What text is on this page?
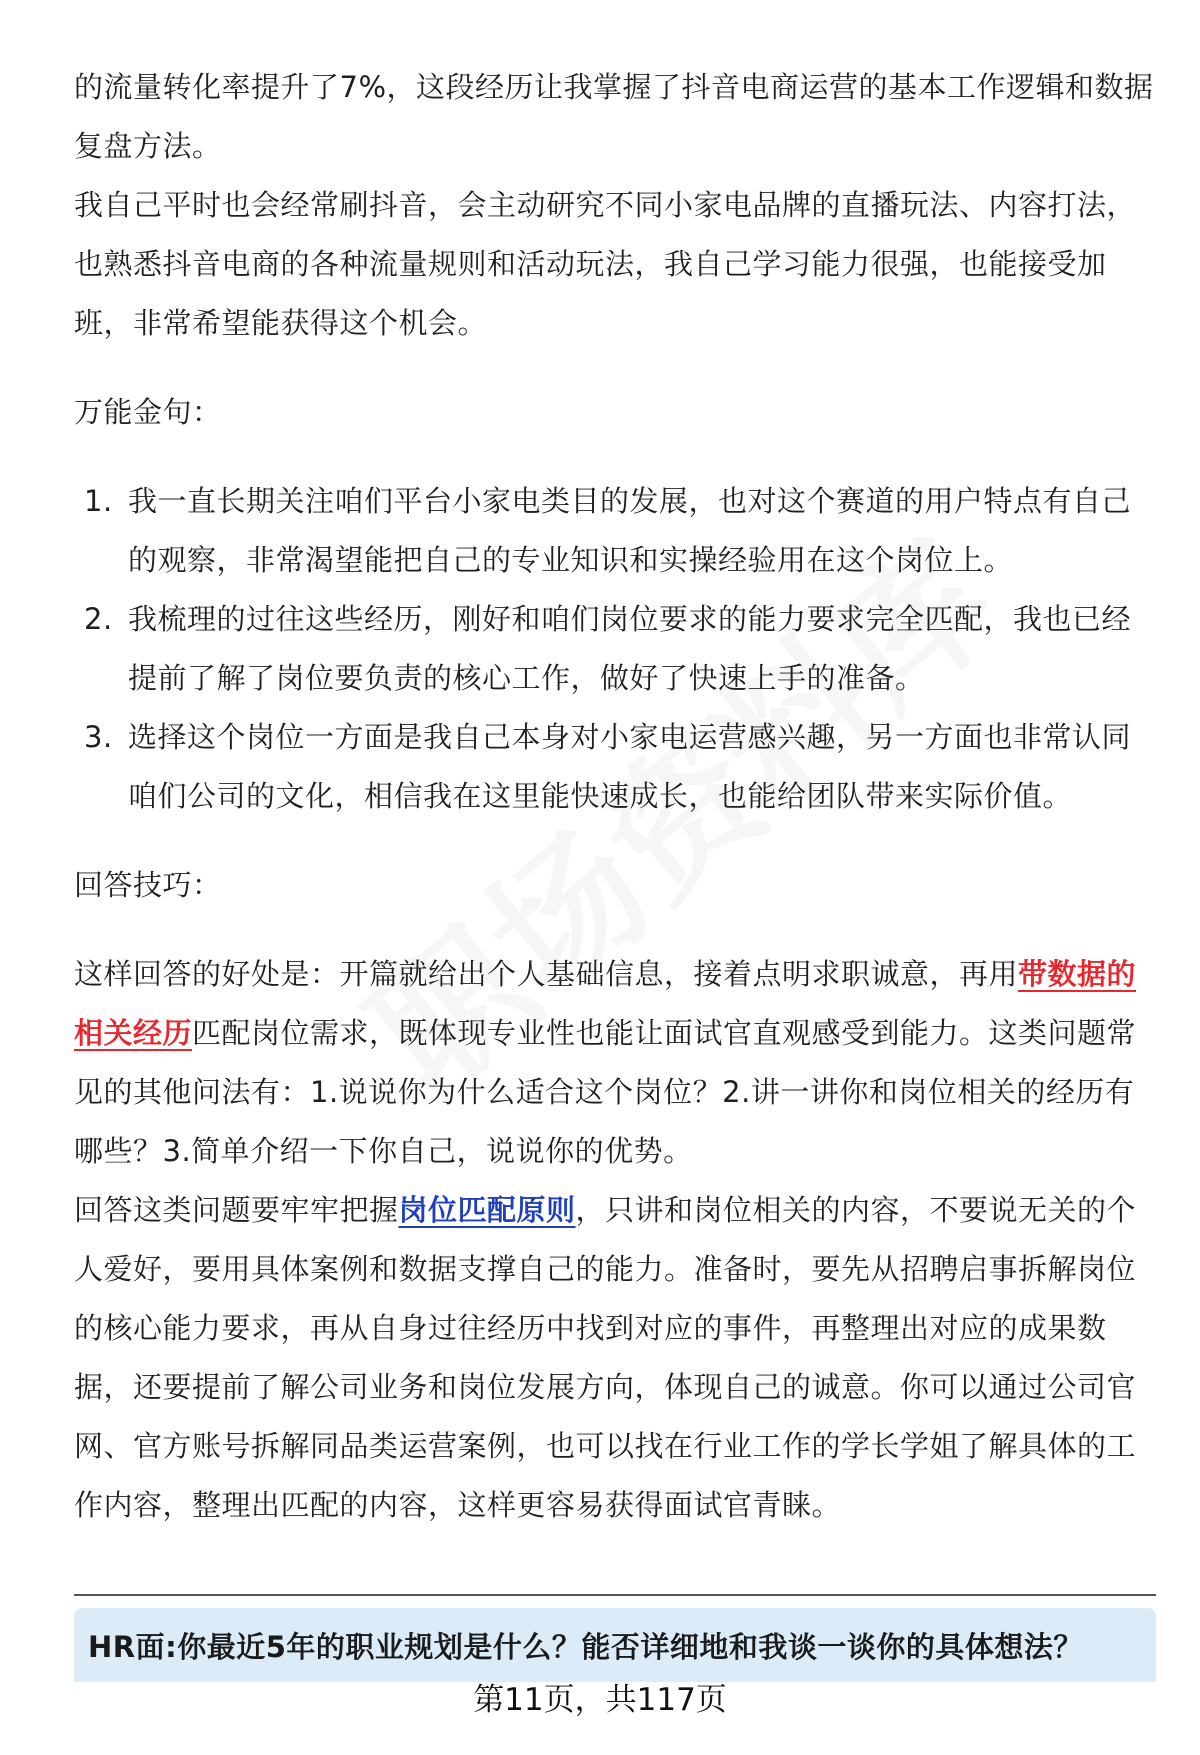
的流量转化率提升了7%，这段经历让我掌握了抖音电商运营的基本工作逻辑和数据复盘方法。

我自己平时也会经常刷抖音，会主动研究不同小家电品牌的直播玩法、内容打法，也熟悉抖音电商的各种流量规则和活动玩法，我自己学习能力很强，也能接受加班，非常希望能获得这个机会。

万能金句：

1. 我一直长期关注咱们平台小家电类目的发展，也对这个赛道的用户特点有自己的观察，非常渴望能把自己的专业知识和实操经验用在这个岗位上。
2. 我梳理的过往这些经历，刚好和咱们岗位要求的能力要求完全匹配，我也已经提前了解了岗位要负责的核心工作，做好了快速上手的准备。
3. 选择这个岗位一方面是我自己本身对小家电运营感兴趣，另一方面也非常认同咱们公司的文化，相信我在这里能快速成长，也能给团队带来实际价值。

回答技巧：

这样回答的好处是：开篇就给出个人基础信息，接着点明求职诚意，再用带数据的相关经历匹配岗位需求，既体现专业性也能让面试官直观感受到能力。这类问题常见的其他问法有：1.说说你为什么适合这个岗位？2.讲一讲你和岗位相关的经历有哪些？3.简单介绍一下你自己，说说你的优势。

回答这类问题要牢牢把握岗位匹配原则，只讲和岗位相关的内容，不要说无关的个人爱好，要用具体案例和数据支撑自己的能力。准备时，要先从招聘启事拆解岗位的核心能力要求，再从自身过往经历中找到对应的事件，再整理出对应的成果数据，还要提前了解公司业务和岗位发展方向，体现自己的诚意。你可以通过公司官网、官方账号拆解同品类运营案例，也可以找在行业工作的学长学姐了解具体的工作内容，整理出匹配的内容，这样更容易获得面试官青睐。

HR面:你最近5年的职业规划是什么？能否详细地和我谈一谈你的具体想法？
第11页，共117页
